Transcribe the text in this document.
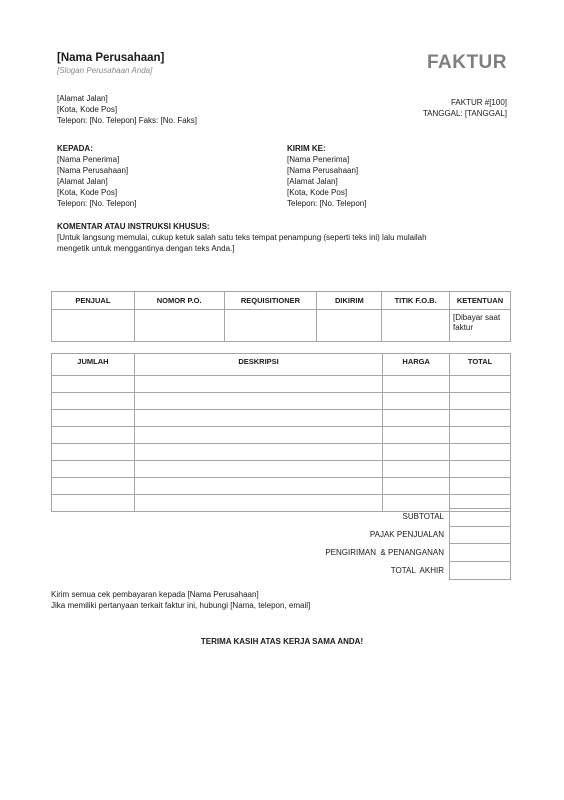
[Nama Perusahaan]
[Slogan Perusahaan Anda]	FAKTUR
[Alamat Jalan]
[Kota, Kode Pos]
Telepon: [No. Telepon] Faks: [No. Faks]
FAKTUR #[100]
TANGGAL: [TANGGAL]
KEPADA:
[Nama Penerima]
[Nama Perusahaan]
[Alamat Jalan]
[Kota, Kode Pos]
Telepon: [No. Telepon]
KIRIM KE:
[Nama Penerima]
[Nama Perusahaan]
[Alamat Jalan]
[Kota, Kode Pos]
Telepon: [No. Telepon]
KOMENTAR ATAU INSTRUKSI KHUSUS:
[Untuk langsung memulai, cukup ketuk salah satu teks tempat penampung (seperti teks ini) lalu mulailah
mengetik untuk menggantinya dengan teks Anda.]
PENJUAL	NOMOR P.O.	REQUISITIONER	DIKIRIM	TITIK F.O.B.	KETENTUAN

					[Dibayar saat faktur
JUMLAH	DESKRIPSI	HARGA	TOTAL

SUBTOTAL
PAJAK PENJUALAN
PENGIRIMAN  & PENANGANAN
TOTAL  AKHIR
Kirim semua cek pembayaran kepada [Nama Perusahaan]
Jika memiliki pertanyaan terkait faktur ini, hubungi [Nama, telepon, email]
TERIMA KASIH ATAS KERJA SAMA ANDA!
